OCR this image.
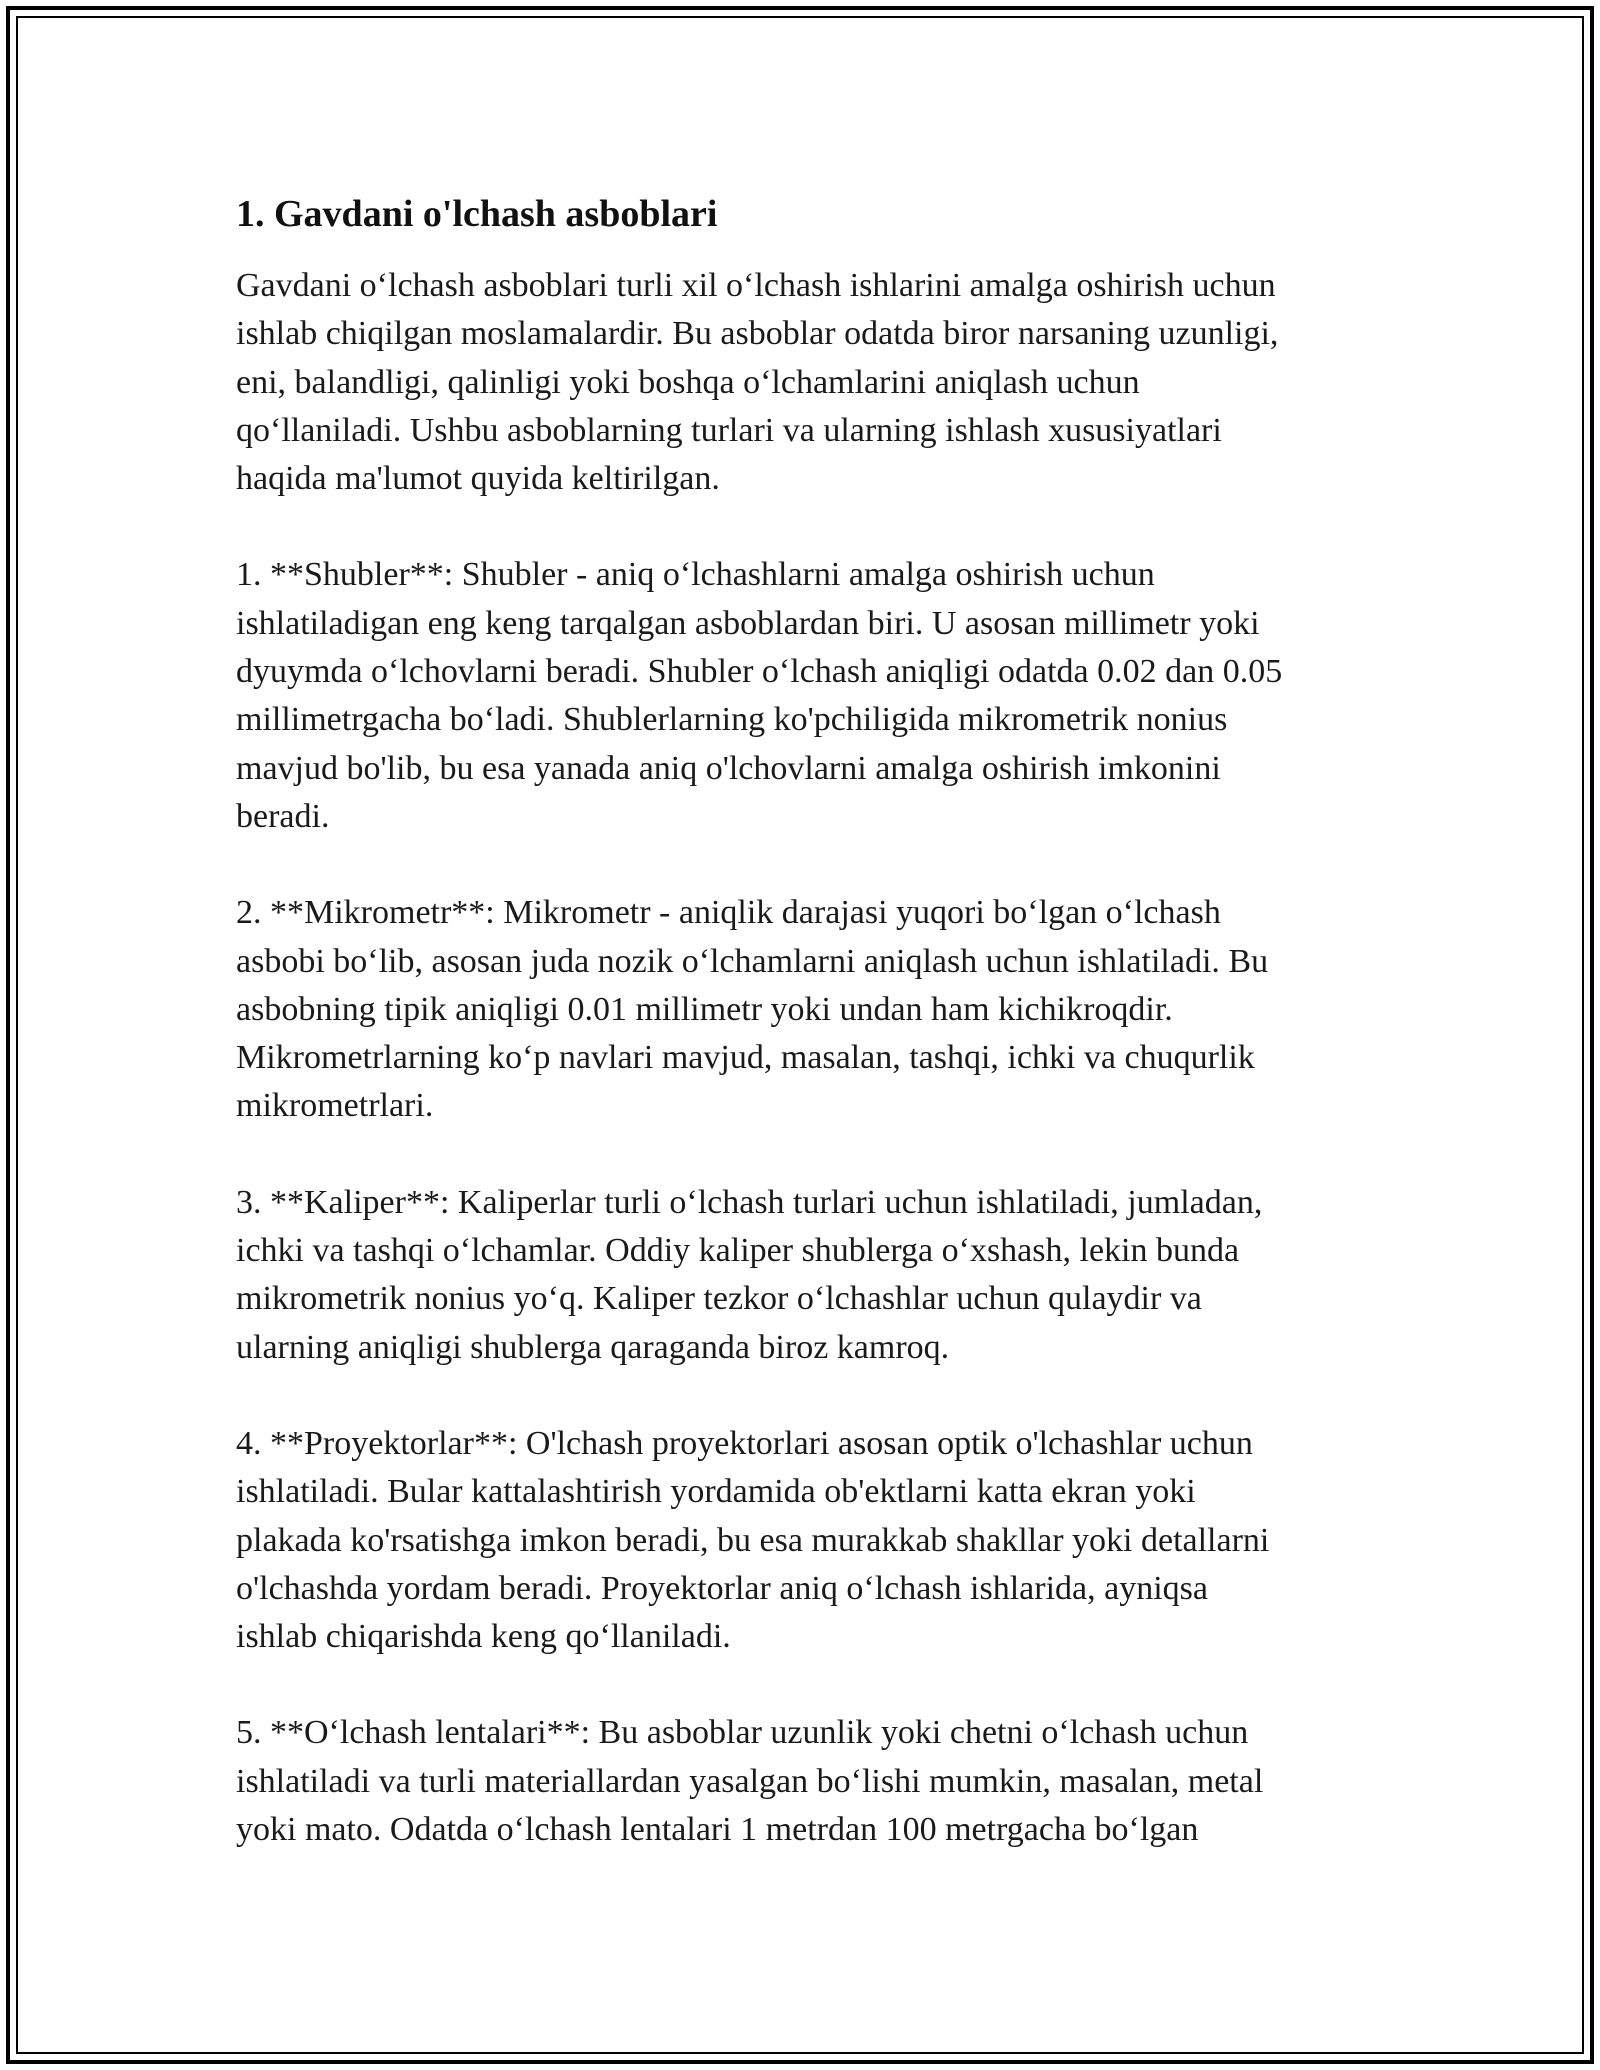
1. Gavdani o'lchash asboblari

Gavdani o‘lchash asboblari turli xil o‘lchash ishlarini amalga oshirish uchun
ishlab chiqilgan moslamalardir. Bu asboblar odatda biror narsaning uzunligi,
eni, balandligi, qalinligi yoki boshqa o‘lchamlarini aniqlash uchun
qo‘llaniladi. Ushbu asboblarning turlari va ularning ishlash xususiyatlari
haqida ma'lumot quyida keltirilgan.

1. **Shubler**: Shubler - aniq o‘lchashlarni amalga oshirish uchun
ishlatiladigan eng keng tarqalgan asboblardan biri. U asosan millimetr yoki
dyuymda o‘lchovlarni beradi. Shubler o‘lchash aniqligi odatda 0.02 dan 0.05
millimetrgacha bo‘ladi. Shublerlarning ko'pchiligida mikrometrik nonius
mavjud bo'lib, bu esa yanada aniq o'lchovlarni amalga oshirish imkonini
beradi.

2. **Mikrometr**: Mikrometr - aniqlik darajasi yuqori bo‘lgan o‘lchash
asbobi bo‘lib, asosan juda nozik o‘lchamlarni aniqlash uchun ishlatiladi. Bu
asbobning tipik aniqligi 0.01 millimetr yoki undan ham kichikroqdir.
Mikrometrlarning ko‘p navlari mavjud, masalan, tashqi, ichki va chuqurlik
mikrometrlari.

3. **Kaliper**: Kaliperlar turli o‘lchash turlari uchun ishlatiladi, jumladan,
ichki va tashqi o‘lchamlar. Oddiy kaliper shublerga o‘xshash, lekin bunda
mikrometrik nonius yo‘q. Kaliper tezkor o‘lchashlar uchun qulaydir va
ularning aniqligi shublerga qaraganda biroz kamroq.

4. **Proyektorlar**: O'lchash proyektorlari asosan optik o'lchashlar uchun
ishlatiladi. Bular kattalashtirish yordamida ob'ektlarni katta ekran yoki
plakada ko'rsatishga imkon beradi, bu esa murakkab shakllar yoki detallarni
o'lchashda yordam beradi. Proyektorlar aniq o‘lchash ishlarida, ayniqsa
ishlab chiqarishda keng qo‘llaniladi.

5. **O‘lchash lentalari**: Bu asboblar uzunlik yoki chetni o‘lchash uchun
ishlatiladi va turli materiallardan yasalgan bo‘lishi mumkin, masalan, metal
yoki mato. Odatda o‘lchash lentalari 1 metrdan 100 metrgacha bo‘lgan
